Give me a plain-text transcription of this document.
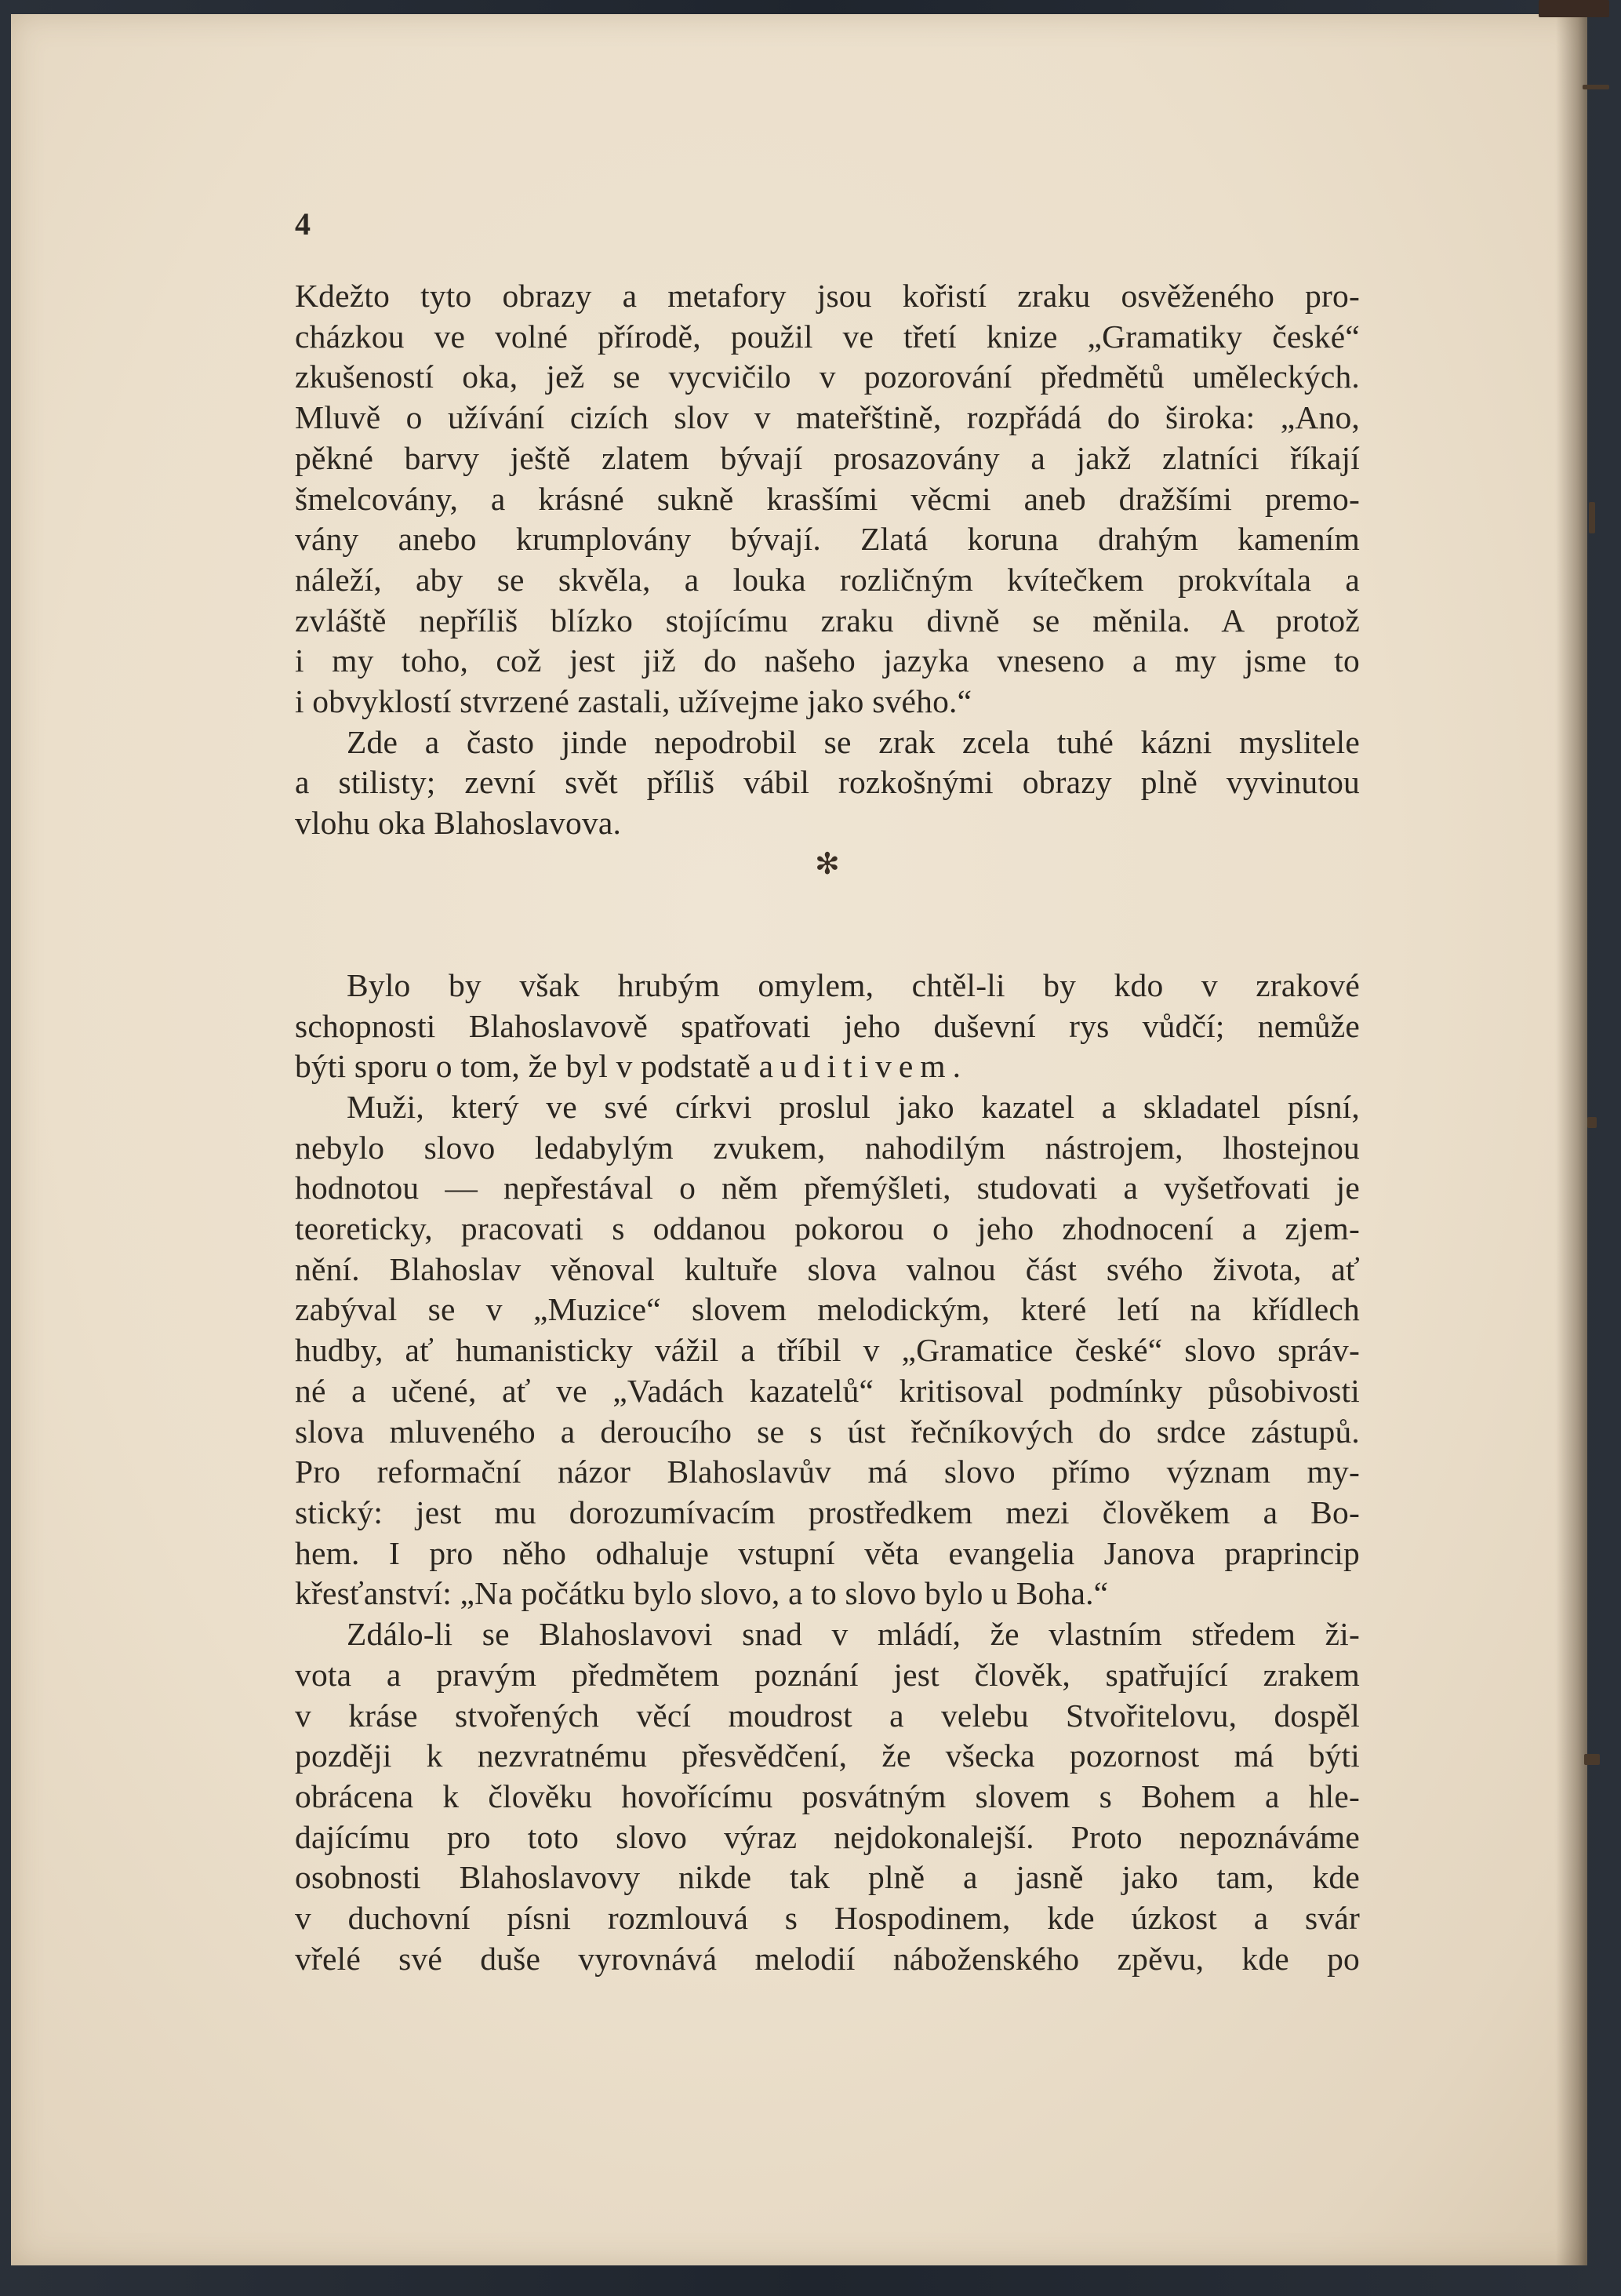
4

Kdežto tyto obrazy a metafory jsou kořistí zraku osvěženého pro-
cházkou ve volné přírodě, použil ve třetí knize „Gramatiky české“
zkušeností oka, jež se vycvičilo v pozorování předmětů uměleckých.
Mluvě o užívání cizích slov v mateřštině, rozpřádá do široka: „Ano,
pěkné barvy ještě zlatem bývají prosazovány a jakž zlatníci říkají
šmelcovány, a krásné sukně krasšími věcmi aneb dražšími premo-
vány anebo krumplovány bývají. Zlatá koruna drahým kamením
náleží, aby se skvěla, a louka rozličným kvítečkem prokvítala a
zvláště nepříliš blízko stojícímu zraku divně se měnila. A protož
i my toho, což jest již do našeho jazyka vneseno a my jsme to

i obvyklostí stvrzené zastali, užívejme jako svého.“

Zde a často jinde nepodrobil se zrak zcela tuhé kázni myslitele

a stilisty; zevní svět příliš vábil rozkošnými obrazy plně vyvinutou

vlohu oka Blahoslavova.

✻

Bylo by však hrubým omylem, chtěl-li by kdo v zrakové

schopnosti Blahoslavově spatřovati jeho duševní rys vůdčí; nemůže

býti sporu o tom, že byl v podstatě auditivem.

Muži, který ve své církvi proslul jako kazatel a skladatel písní,

nebylo slovo ledabylým zvukem, nahodilým nástrojem, lhostejnou
hodnotou — nepřestával o něm přemýšleti, studovati a vyšetřovati je
teoreticky, pracovati s oddanou pokorou o jeho zhodnocení a zjem-
nění. Blahoslav věnoval kultuře slova valnou část svého života, ať
zabýval se v „Muzice“ slovem melodickým, které letí na křídlech
hudby, ať humanisticky vážil a tříbil v „Gramatice české“ slovo správ-
né a učené, ať ve „Vadách kazatelů“ kritisoval podmínky působivosti
slova mluveného a deroucího se s úst řečníkových do srdce zástupů.
Pro reformační názor Blahoslavův má slovo přímo význam my-
stický: jest mu dorozumívacím prostředkem mezi člověkem a Bo-
hem. I pro něho odhaluje vstupní věta evangelia Janova praprincip

křesťanství: „Na počátku bylo slovo, a to slovo bylo u Boha.“

Zdálo-li se Blahoslavovi snad v mládí, že vlastním středem ži-

vota a pravým předmětem poznání jest člověk, spatřující zrakem
v kráse stvořených věcí moudrost a velebu Stvořitelovu, dospěl
později k nezvratnému přesvědčení, že všecka pozornost má býti
obrácena k člověku hovořícímu posvátným slovem s Bohem a hle-
dajícímu pro toto slovo výraz nejdokonalejší. Proto nepoznáváme
osobnosti Blahoslavovy nikde tak plně a jasně jako tam, kde
v duchovní písni rozmlouvá s Hospodinem, kde úzkost a svár

vřelé své duše vyrovnává melodií náboženského zpěvu, kde po
